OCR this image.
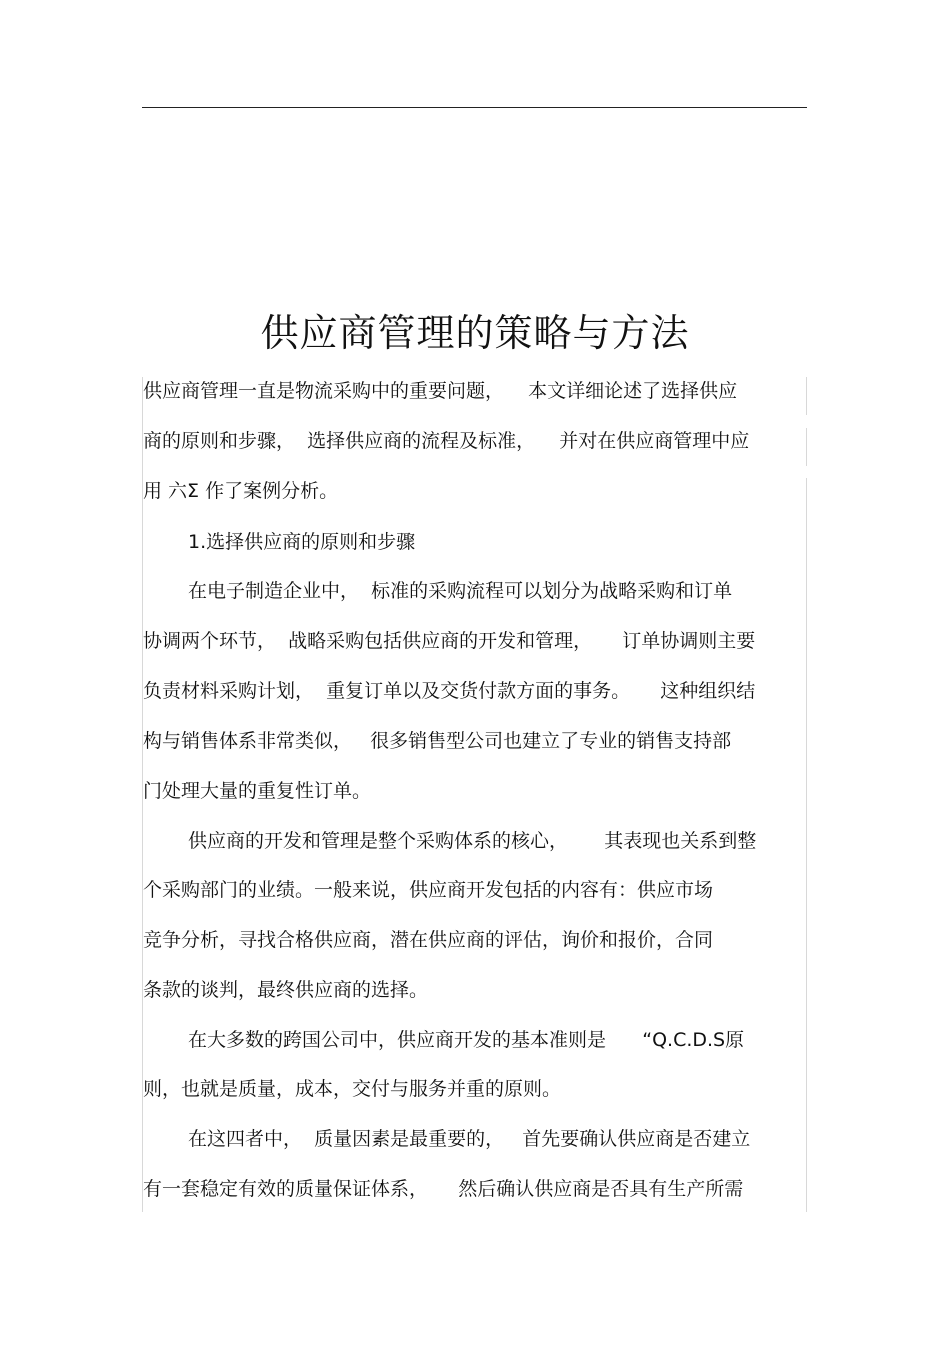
供应商管理的策略与方法
供应商管理一直是物流采购中的重要问题，    本文详细论述了选择供应
商的原则和步骤，  选择供应商的流程及标准，    并对在供应商管理中应
用 六Σ 作了案例分析。
1.选择供应商的原则和步骤
在电子制造企业中，  标准的采购流程可以划分为战略采购和订单
协调两个环节，  战略采购包括供应商的开发和管理，     订单协调则主要
负责材料采购计划，  重复订单以及交货付款方面的事务。     这种组织结
构与销售体系非常类似，   很多销售型公司也建立了专业的销售支持部
门处理大量的重复性订单。
供应商的开发和管理是整个采购体系的核心，      其表现也关系到整
个采购部门的业绩。一般来说，供应商开发包括的内容有：供应市场
竞争分析，寻找合格供应商，潜在供应商的评估，询价和报价，合同
条款的谈判，最终供应商的选择。
在大多数的跨国公司中，供应商开发的基本准则是      “Q.C.D.S原
则，也就是质量，成本，交付与服务并重的原则。
在这四者中，  质量因素是最重要的，   首先要确认供应商是否建立
有一套稳定有效的质量保证体系，     然后确认供应商是否具有生产所需
